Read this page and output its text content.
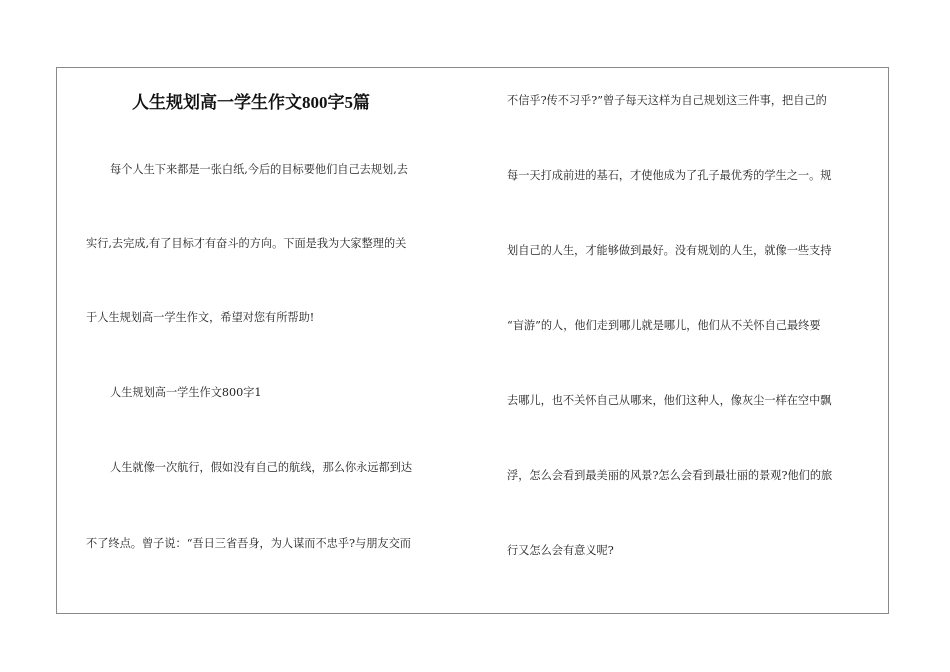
人生规划高一学生作文800字5篇
每个人生下来都是一张白纸,今后的目标要他们自己去规划,去
实行,去完成,有了目标才有奋斗的方向。下面是我为大家整理的关
于人生规划高一学生作文，希望对您有所帮助!
人生规划高一学生作文800字1
人生就像一次航行，假如没有自己的航线，那么你永远都到达
不了终点。曾子说：“吾日三省吾身，为人谋而不忠乎?与朋友交而
不信乎?传不习乎?”曾子每天这样为自己规划这三件事，把自己的
每一天打成前进的基石，才使他成为了孔子最优秀的学生之一。规
划自己的人生，才能够做到最好。没有规划的人生，就像一些支持
“盲游”的人，他们走到哪儿就是哪儿，他们从不关怀自己最终要
去哪儿，也不关怀自己从哪来，他们这种人，像灰尘一样在空中飘
浮，怎么会看到最美丽的风景?怎么会看到最壮丽的景观?他们的旅
行又怎么会有意义呢?
